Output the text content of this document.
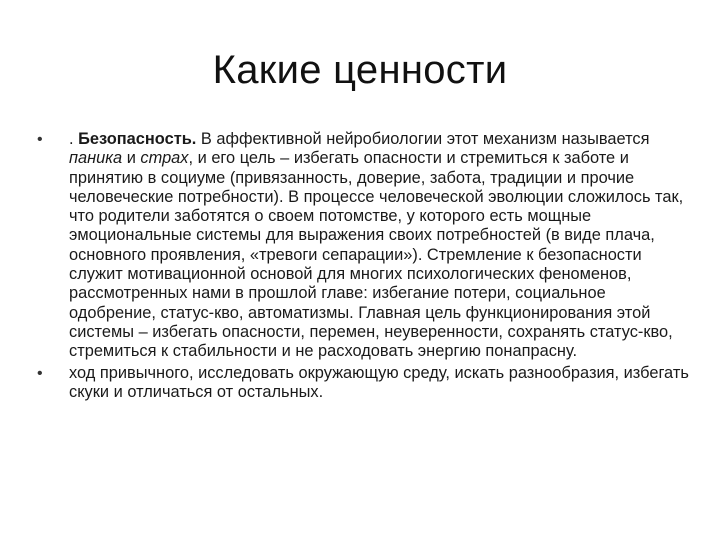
Какие ценности
• . Безопасность. В аффективной нейробиологии этот механизм называется паника и страх, и его цель – избегать опасности и стремиться к заботе и принятию в социуме (привязанность, доверие, забота, традиции и прочие человеческие потребности). В процессе человеческой эволюции сложилось так, что родители заботятся о своем потомстве, у которого есть мощные эмоциональные системы для выражения своих потребностей (в виде плача, основного проявления, «тревоги сепарации»). Стремление к безопасности служит мотивационной основой для многих психологических феноменов, рассмотренных нами в прошлой главе: избегание потери, социальное одобрение, статус-кво, автоматизмы. Главная цель функционирования этой системы – избегать опасности, перемен, неуверенности, сохранять статус-кво, стремиться к стабильности и не расходовать энергию понапрасну.
• ход привычного, исследовать окружающую среду, искать разнообразия, избегать скуки и отличаться от остальных.
